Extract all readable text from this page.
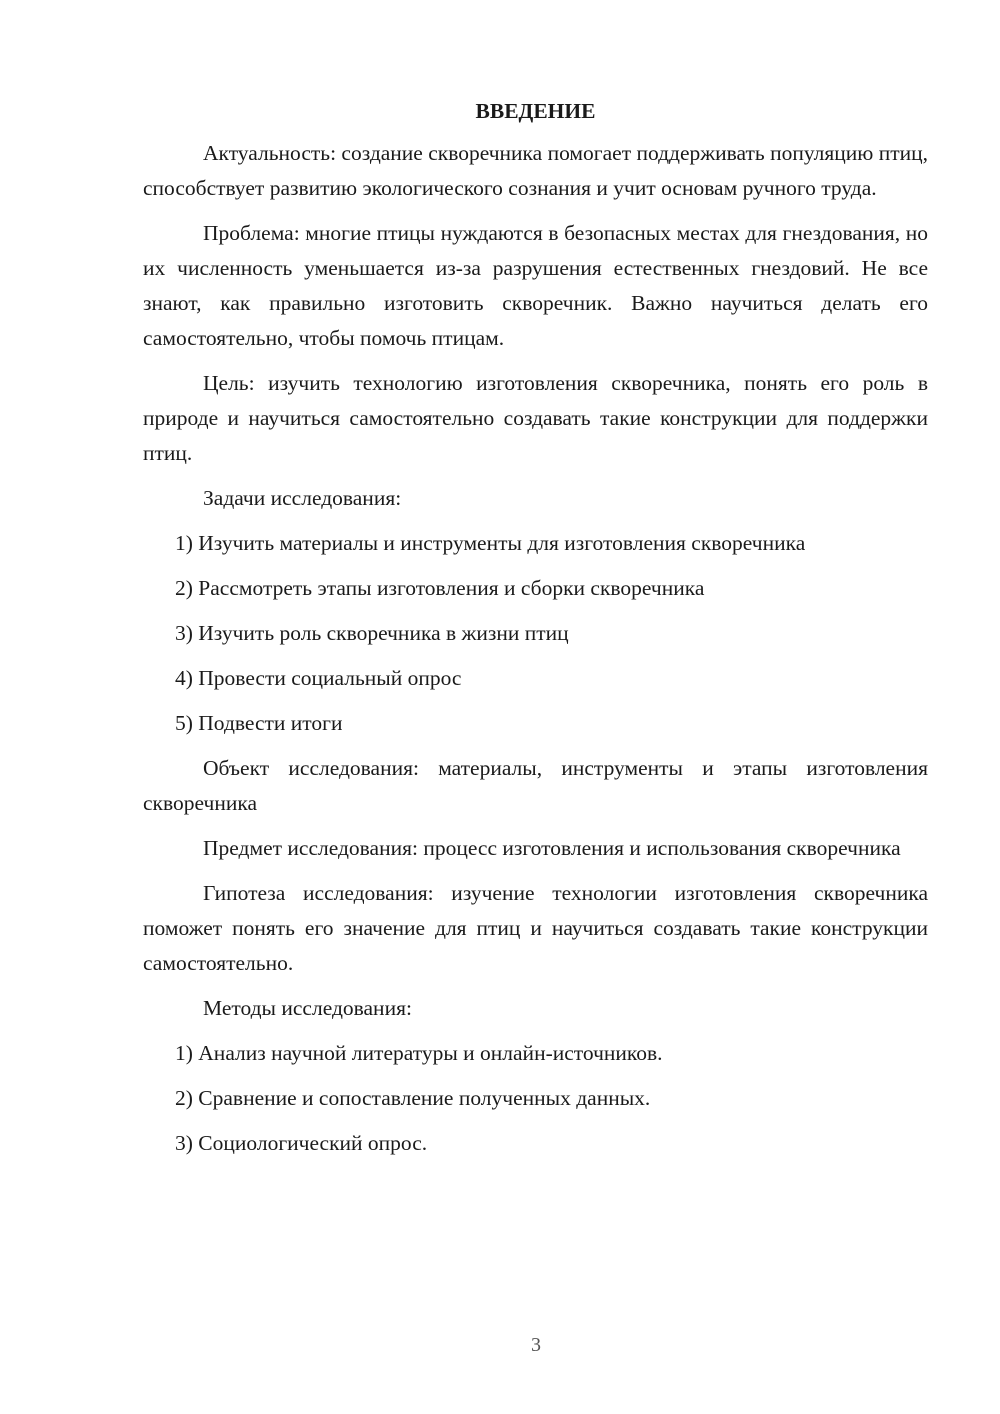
ВВЕДЕНИЕ

Актуальность: создание скворечника помогает поддерживать популяцию птиц, способствует развитию экологического сознания и учит основам ручного труда.

Проблема: многие птицы нуждаются в безопасных местах для гнездования, но их численность уменьшается из-за разрушения естественных гнездовий. Не все знают, как правильно изготовить скворечник. Важно научиться делать его самостоятельно, чтобы помочь птицам.

Цель: изучить технологию изготовления скворечника, понять его роль в природе и научиться самостоятельно создавать такие конструкции для поддержки птиц.

Задачи исследования:

1) Изучить материалы и инструменты для изготовления скворечника
2) Рассмотреть этапы изготовления и сборки скворечника
3) Изучить роль скворечника в жизни птиц
4) Провести социальный опрос
5) Подвести итоги

Объект исследования: материалы, инструменты и этапы изготовления скворечника

Предмет исследования: процесс изготовления и использования скворечника

Гипотеза исследования: изучение технологии изготовления скворечника поможет понять его значение для птиц и научиться создавать такие конструкции самостоятельно.

Методы исследования:

1) Анализ научной литературы и онлайн-источников.
2) Сравнение и сопоставление полученных данных.
3) Социологический опрос.
3
